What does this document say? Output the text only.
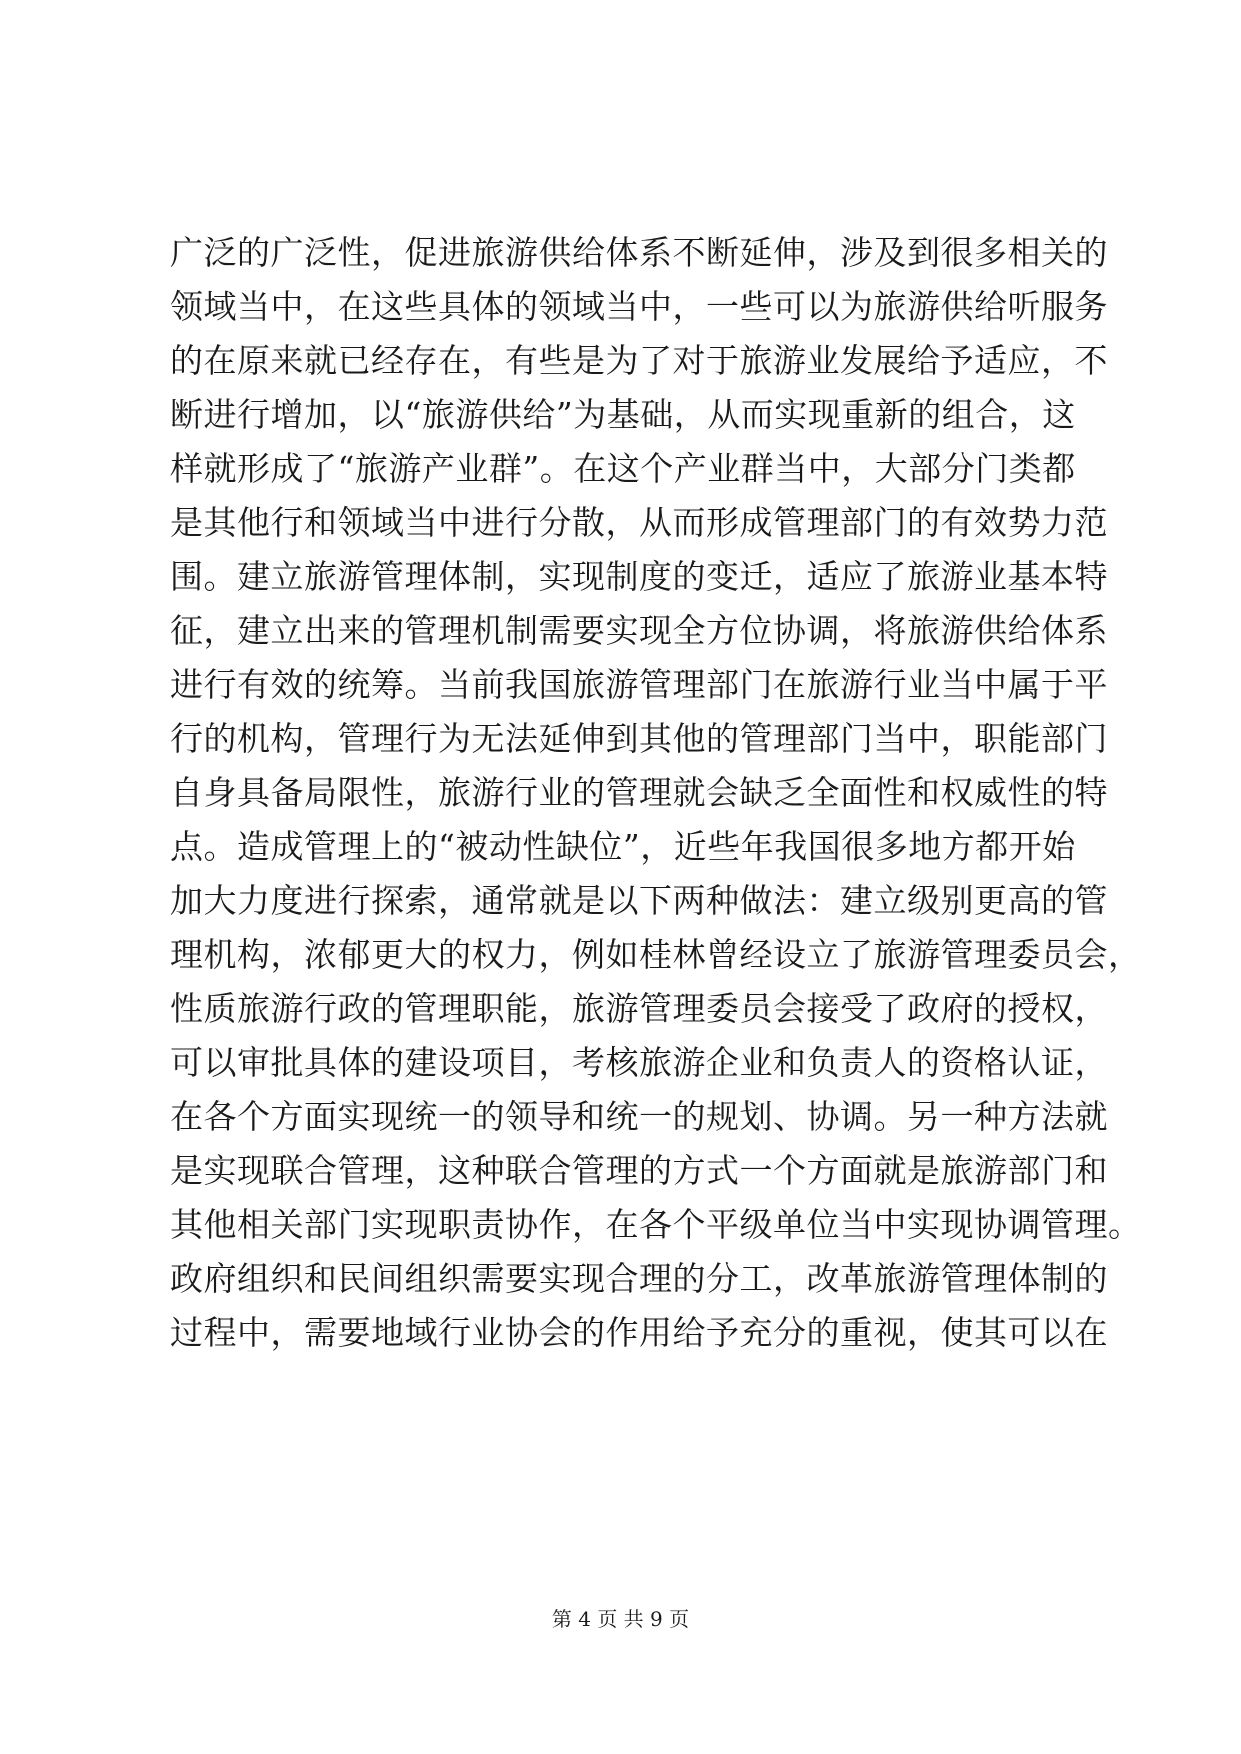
广泛的广泛性，促进旅游供给体系不断延伸，涉及到很多相关的
领域当中，在这些具体的领域当中，一些可以为旅游供给听服务
的在原来就已经存在，有些是为了对于旅游业发展给予适应，不
断进行增加，以“旅游供给”为基础，从而实现重新的组合，这
样就形成了“旅游产业群”。在这个产业群当中，大部分门类都
是其他行和领域当中进行分散，从而形成管理部门的有效势力范
围。建立旅游管理体制，实现制度的变迁，适应了旅游业基本特
征，建立出来的管理机制需要实现全方位协调，将旅游供给体系
进行有效的统筹。当前我国旅游管理部门在旅游行业当中属于平
行的机构，管理行为无法延伸到其他的管理部门当中，职能部门
自身具备局限性，旅游行业的管理就会缺乏全面性和权威性的特
点。造成管理上的“被动性缺位”，近些年我国很多地方都开始
加大力度进行探索，通常就是以下两种做法：建立级别更高的管
理机构，浓郁更大的权力，例如桂林曾经设立了旅游管理委员会，
性质旅游行政的管理职能，旅游管理委员会接受了政府的授权，
可以审批具体的建设项目，考核旅游企业和负责人的资格认证，
在各个方面实现统一的领导和统一的规划、协调。另一种方法就
是实现联合管理，这种联合管理的方式一个方面就是旅游部门和
其他相关部门实现职责协作，在各个平级单位当中实现协调管理。
政府组织和民间组织需要实现合理的分工，改革旅游管理体制的
过程中，需要地域行业协会的作用给予充分的重视，使其可以在
第 4 页 共 9 页
